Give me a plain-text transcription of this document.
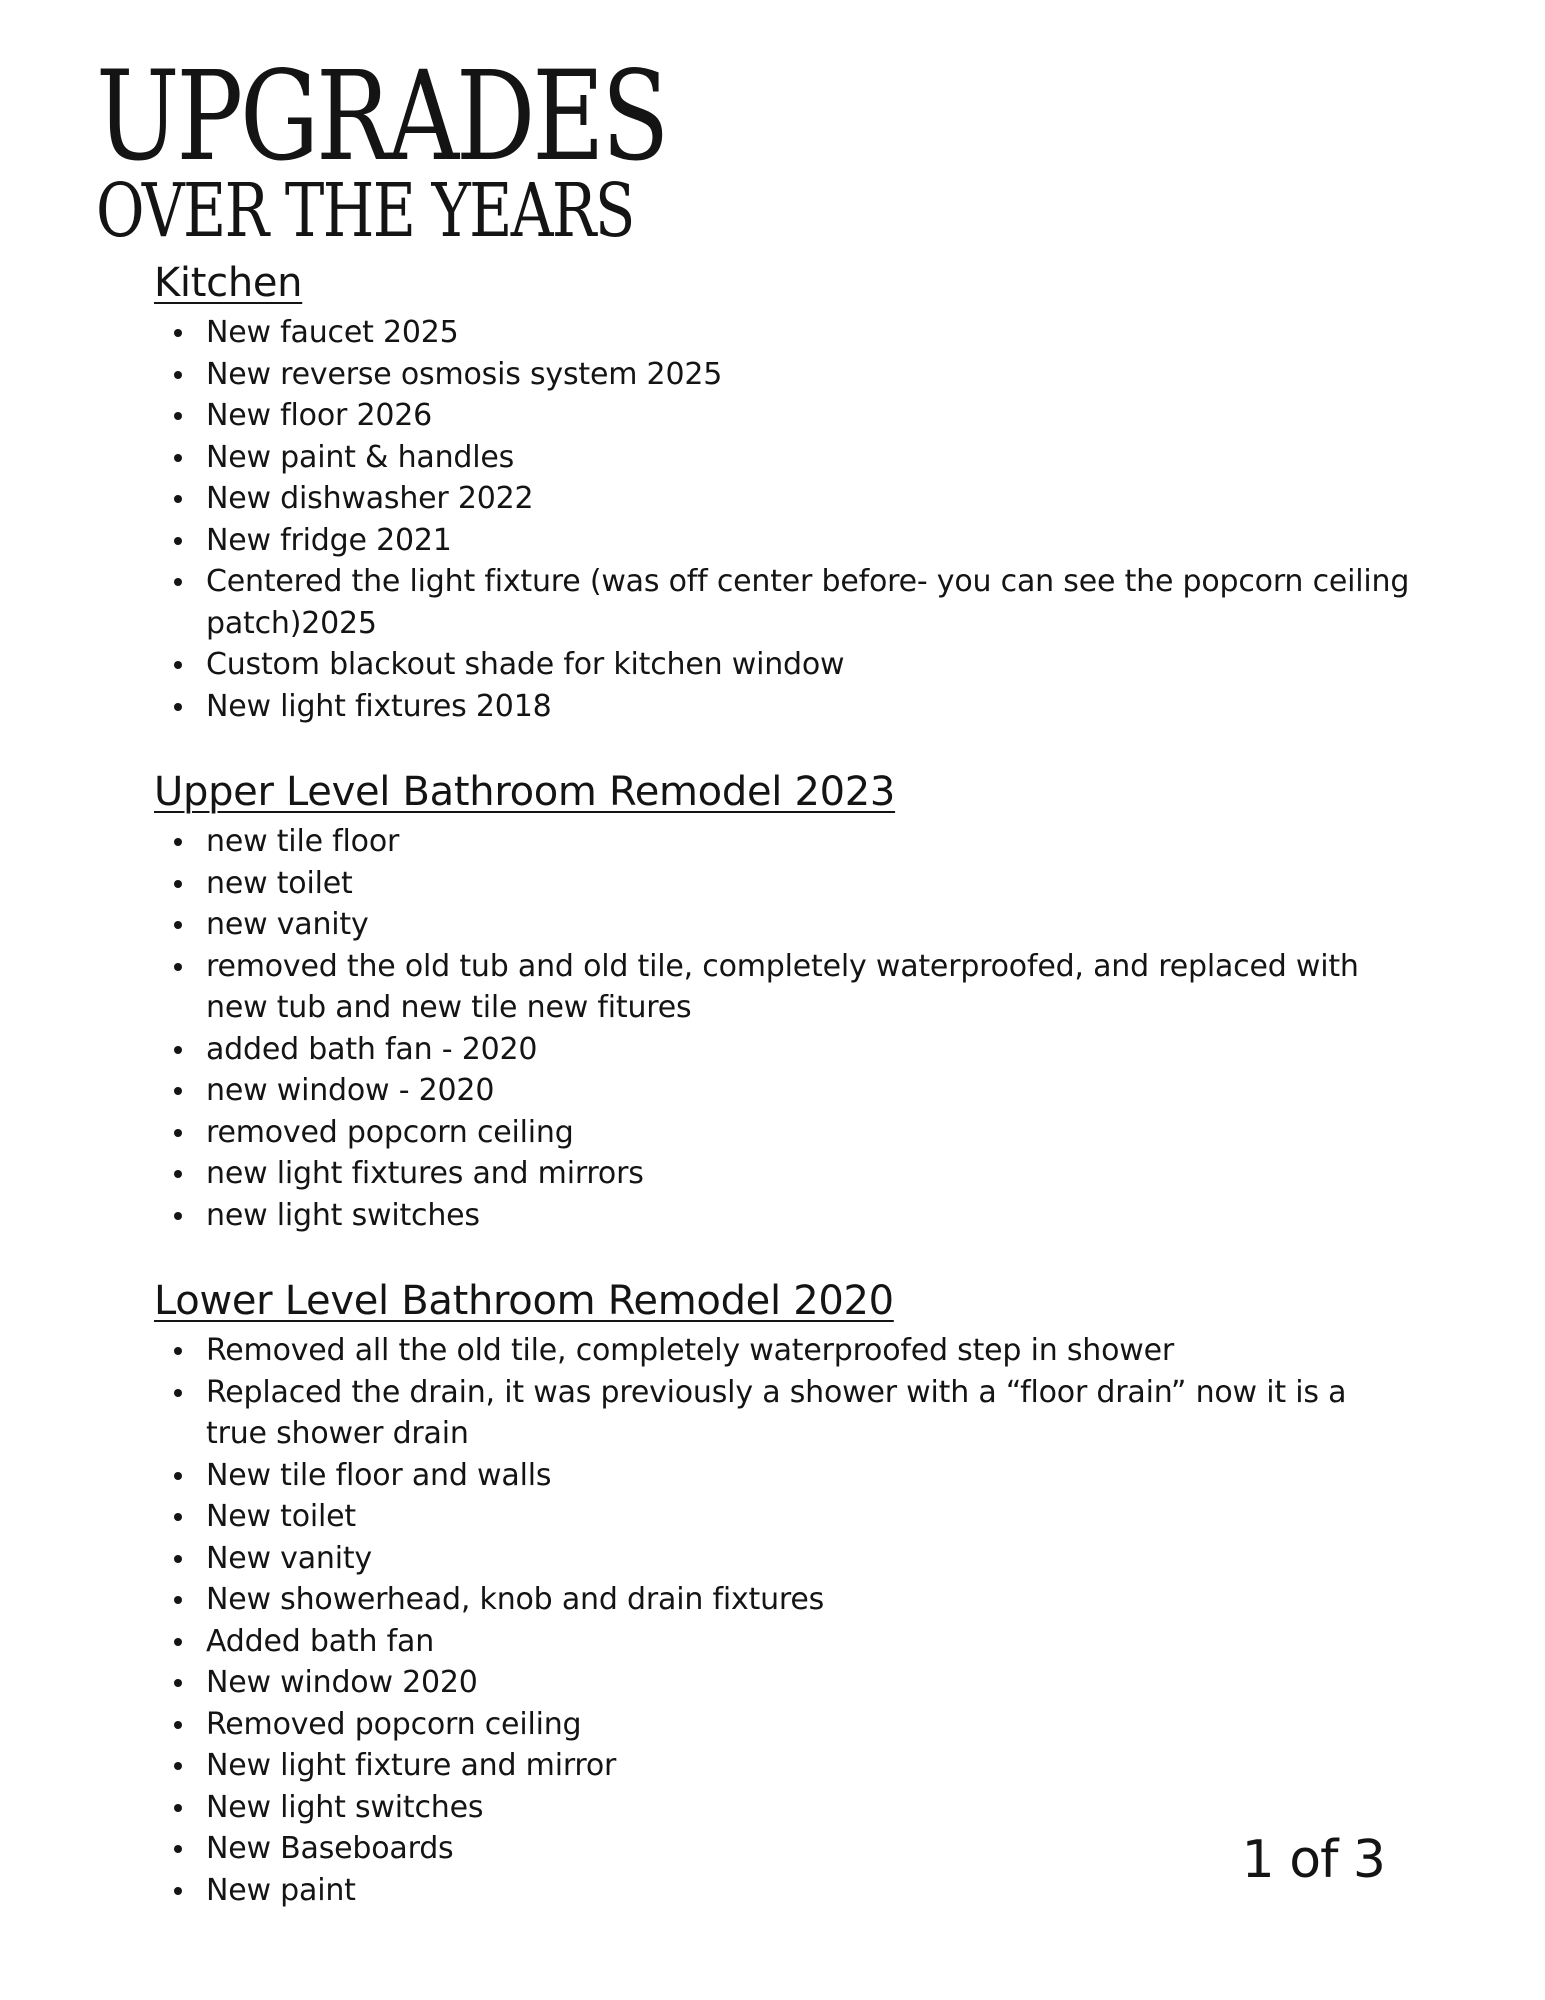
UPGRADES
OVER THE YEARS
Kitchen
New faucet 2025
New reverse osmosis system 2025
New floor 2026
New paint & handles
New dishwasher 2022
New fridge 2021
Centered the light fixture (was off center before- you can see the popcorn ceiling patch)2025
Custom blackout shade for kitchen window
New light fixtures 2018
Upper Level Bathroom Remodel 2023
new tile floor
new toilet
new vanity
removed the old tub and old tile, completely waterproofed, and replaced with new tub and new tile new fitures
added bath fan - 2020
new window - 2020
removed popcorn ceiling
new light fixtures and mirrors
new light switches
Lower Level Bathroom Remodel 2020
Removed all the old tile, completely waterproofed step in shower
Replaced the drain, it was previously a shower with a “floor drain” now it is a true shower drain
New tile floor and walls
New toilet
New vanity
New showerhead, knob and drain fixtures
Added bath fan
New window 2020
Removed popcorn ceiling
New light fixture and mirror
New light switches
New Baseboards
New paint	1 of 3
